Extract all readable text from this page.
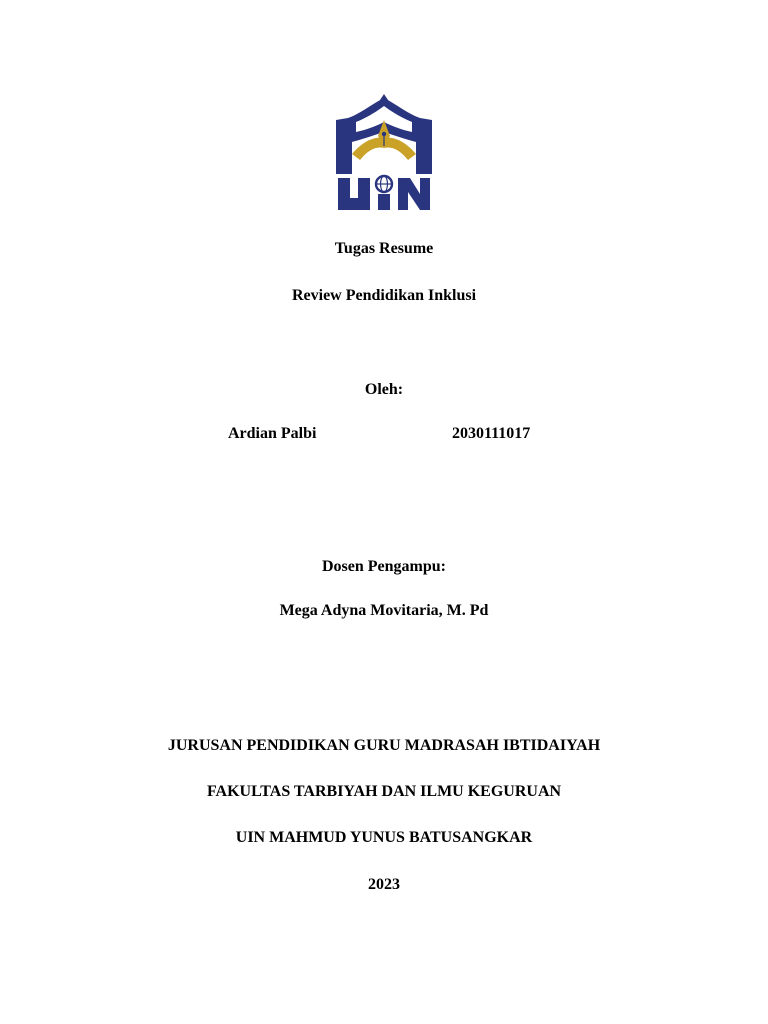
Tugas Resume
Review Pendidikan Inklusi
Oleh:
Ardian Palbi	2030111017
Dosen Pengampu:
Mega Adyna Movitaria, M. Pd
JURUSAN PENDIDIKAN GURU MADRASAH IBTIDAIYAH
FAKULTAS TARBIYAH DAN ILMU KEGURUAN
UIN MAHMUD YUNUS BATUSANGKAR
2023
